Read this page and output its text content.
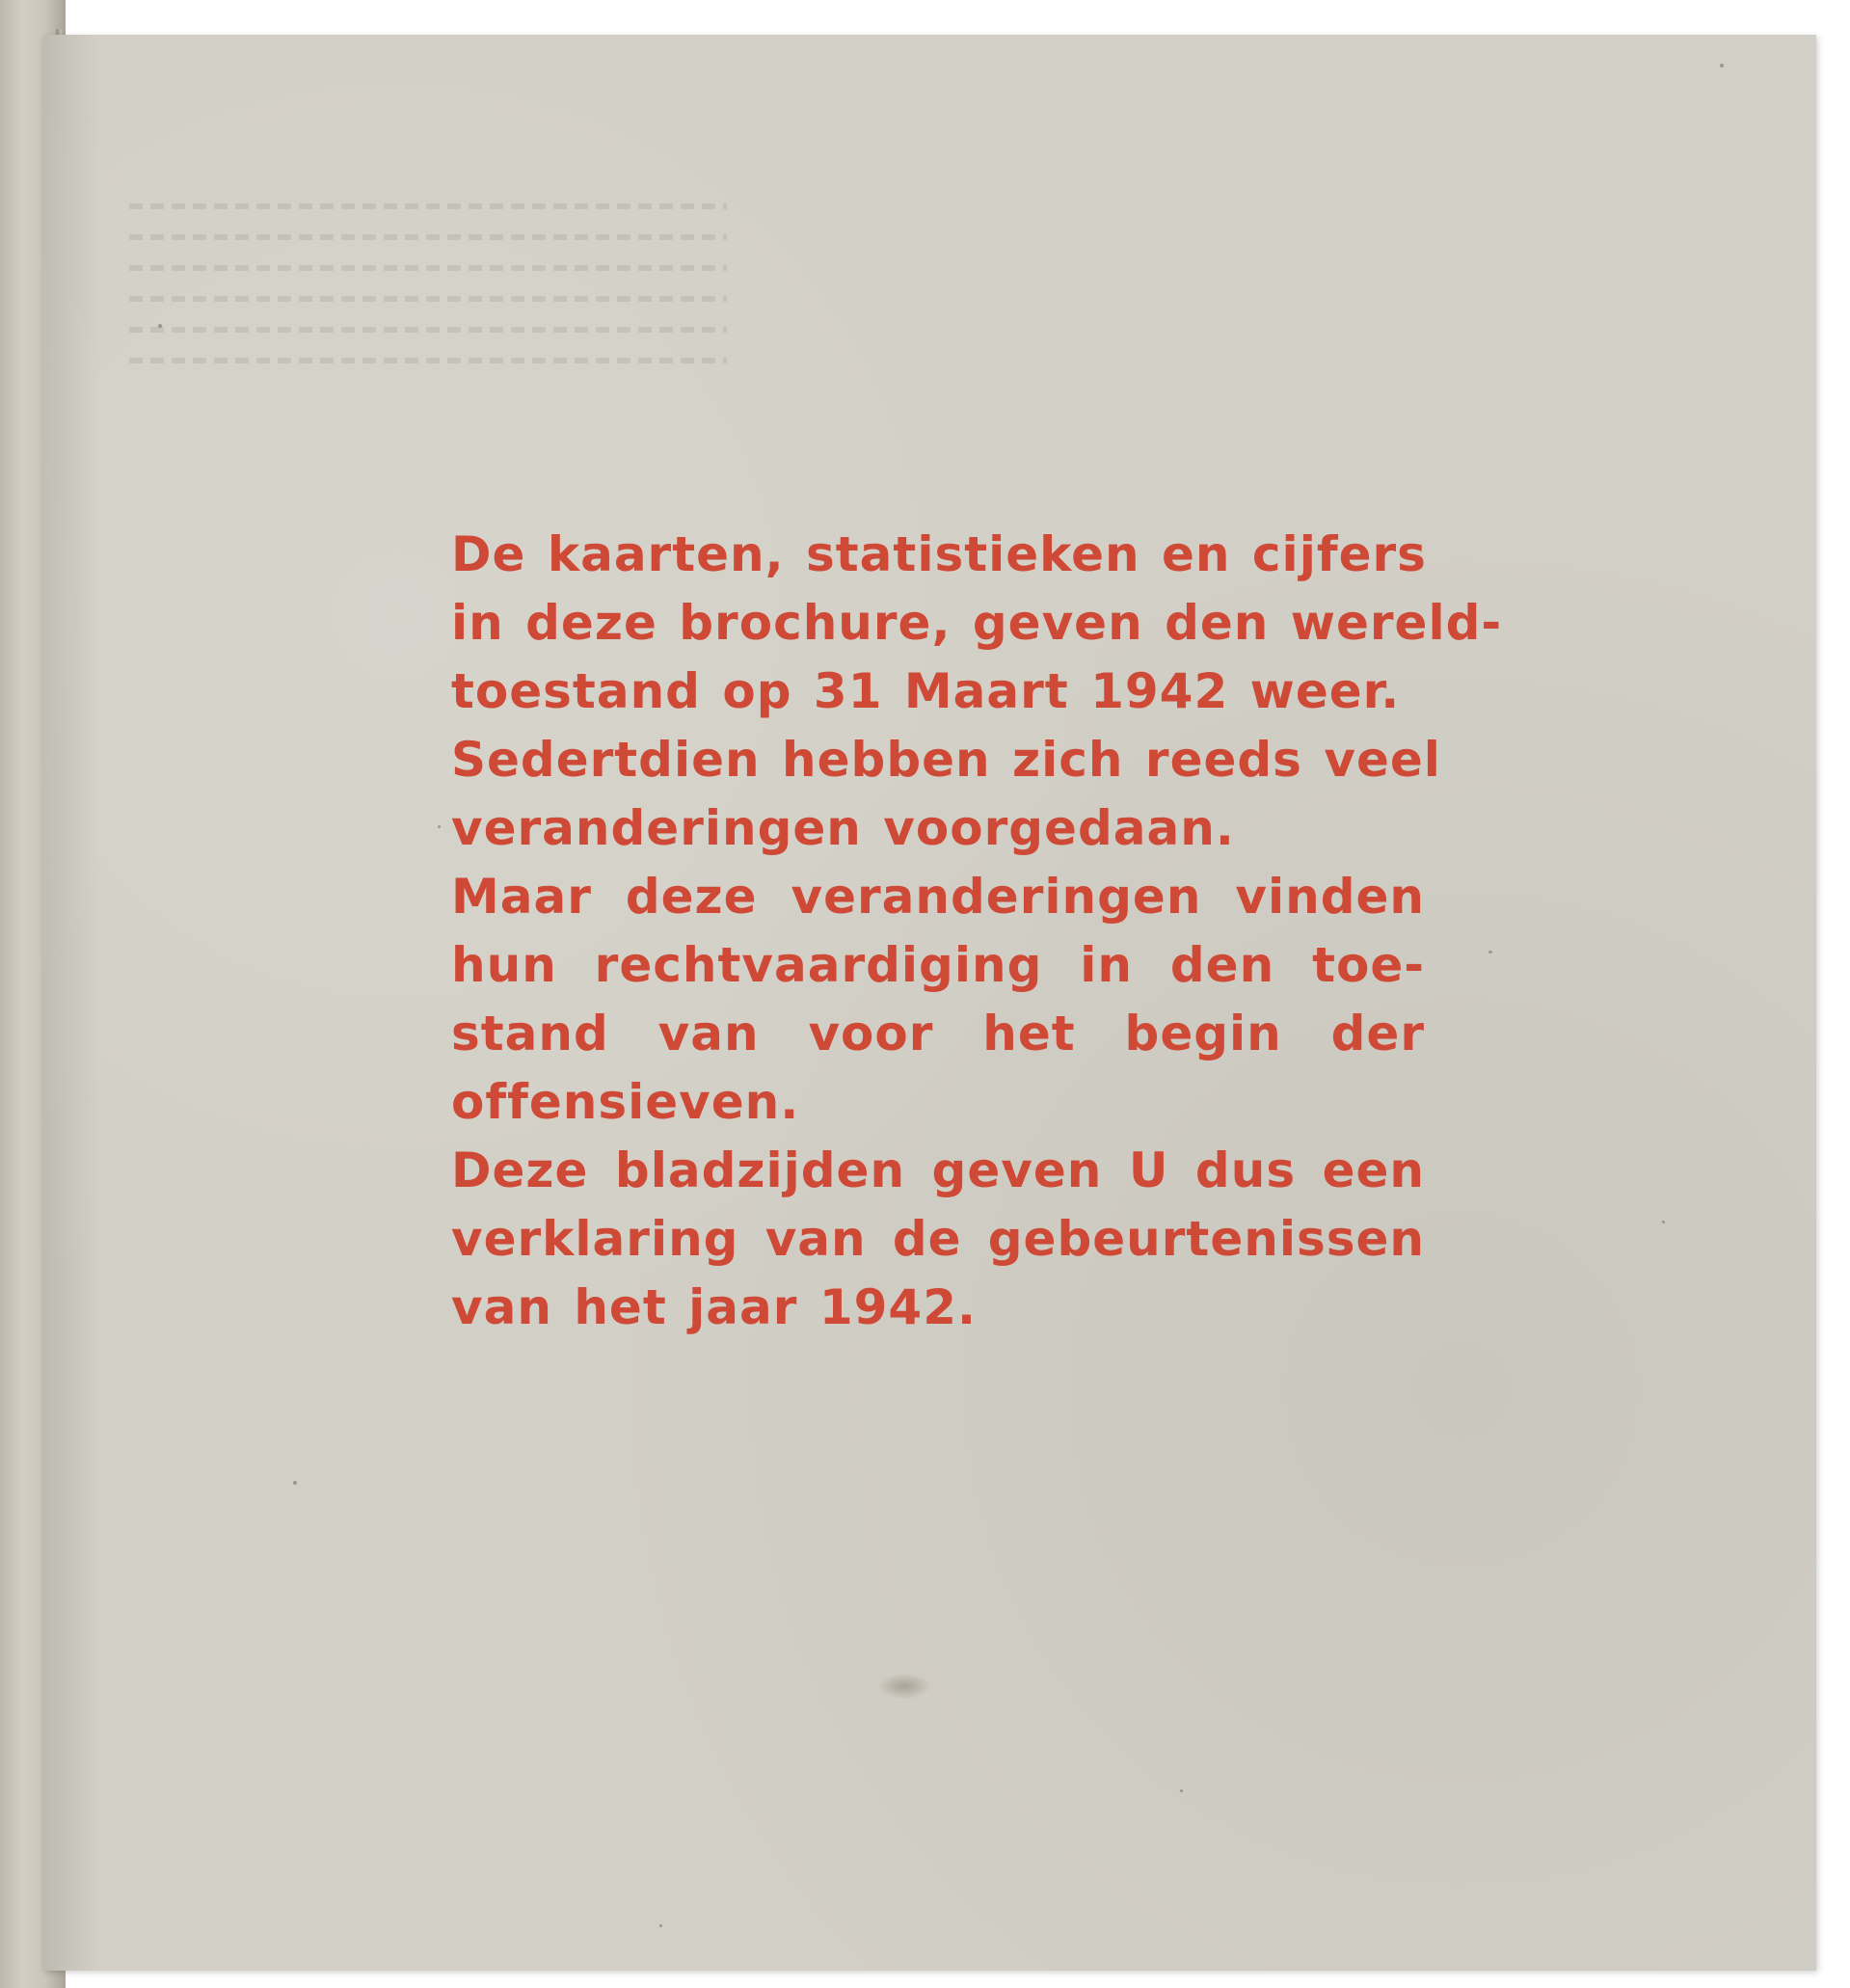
De kaarten, statistieken en cijfers
in deze brochure, geven den wereld-
toestand op 31 Maart 1942 weer.
Sedertdien hebben zich reeds veel
veranderingen voorgedaan.
Maar deze veranderingen vinden
hun rechtvaardiging in den toe-
stand van voor het begin der
offensieven.
Deze bladzijden geven U dus een
verklaring van de gebeurtenissen
van het jaar 1942.
